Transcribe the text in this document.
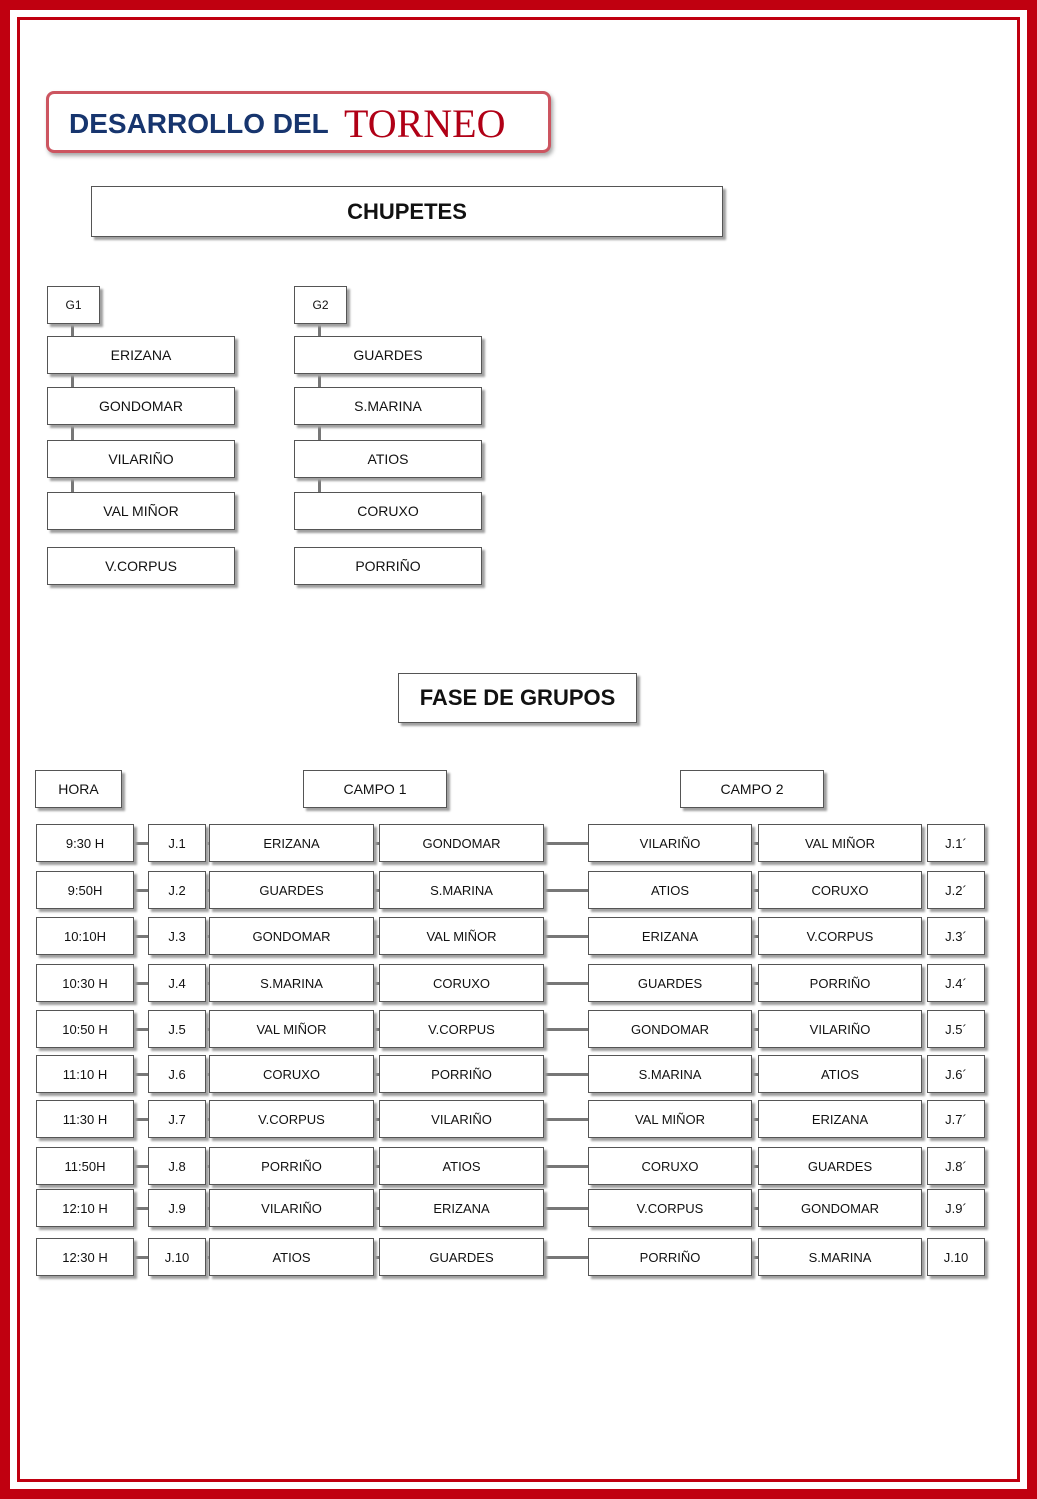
DESARROLLO DEL TORNEO
CHUPETES
G1
ERIZANA
GONDOMAR
VILARIÑO
VAL MIÑOR
V.CORPUS
G2
GUARDES
S.MARINA
ATIOS
CORUXO
PORRIÑO
FASE DE GRUPOS
HORA	CAMPO 1	CAMPO 2
9:30 H	J.1	ERIZANA	GONDOMAR	VILARIÑO	VAL MIÑOR	J.1´
9:50H	J.2	GUARDES	S.MARINA	ATIOS	CORUXO	J.2´
10:10H	J.3	GONDOMAR	VAL MIÑOR	ERIZANA	V.CORPUS	J.3´
10:30 H	J.4	S.MARINA	CORUXO	GUARDES	PORRIÑO	J.4´
10:50 H	J.5	VAL MIÑOR	V.CORPUS	GONDOMAR	VILARIÑO	J.5´
11:10 H	J.6	CORUXO	PORRIÑO	S.MARINA	ATIOS	J.6´
11:30 H	J.7	V.CORPUS	VILARIÑO	VAL MIÑOR	ERIZANA	J.7´
11:50H	J.8	PORRIÑO	ATIOS	CORUXO	GUARDES	J.8´
12:10 H	J.9	VILARIÑO	ERIZANA	V.CORPUS	GONDOMAR	J.9´
12:30 H	J.10	ATIOS	GUARDES	PORRIÑO	S.MARINA	J.10
